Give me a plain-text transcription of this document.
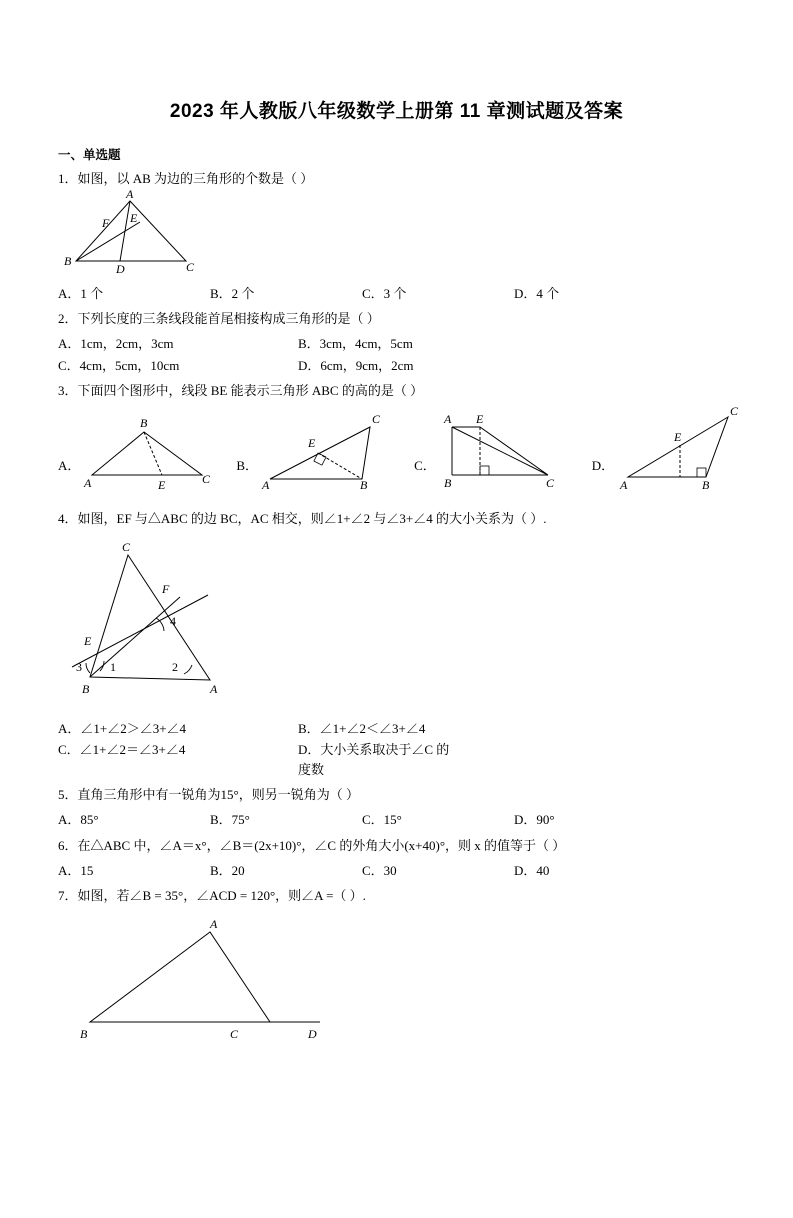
2023 年人教版八年级数学上册第 11 章测试题及答案
一、单选题
1．如图，以 AB 为边的三角形的个数是（ ）
A
F E
B
D	C
A．1 个	B．2 个	C．3 个	D．4 个
2．下列长度的三条线段能首尾相接构成三角形的是（ ）
A．1cm，2cm，3cm	B．3cm，4cm，5cm
C．4cm，5cm，10cm	D．6cm，9cm，2cm
3．下面四个图形中，线段 BE 能表示三角形 ABC 的高的是（ ）
A．
B
A	E	C
B．
E
C
A	B
C．
A E
B	C
D．
C
E
A	B
4．如图，EF 与△ABC 的边 BC，AC 相交，则∠1+∠2 与∠3+∠4 的大小关系为（ ）.
C
F
4
E
3 1	2
B	A
A．∠1+∠2＞∠3+∠4	B．∠1+∠2＜∠3+∠4
C．∠1+∠2＝∠3+∠4	D．大小关系取决于∠C 的度数
5．直角三角形中有一锐角为15°，则另一锐角为（ ）
A．85°	B．75°	C．15°	D．90°
6．在△ABC 中，∠A＝x°，∠B＝(2x+10)°，∠C 的外角大小(x+40)°，则 x 的值等于（ ）
A．15	B．20	C．30	D．40
7．如图，若∠B = 35°，∠ACD = 120°，则∠A =（ ）.
A
B	C	D
